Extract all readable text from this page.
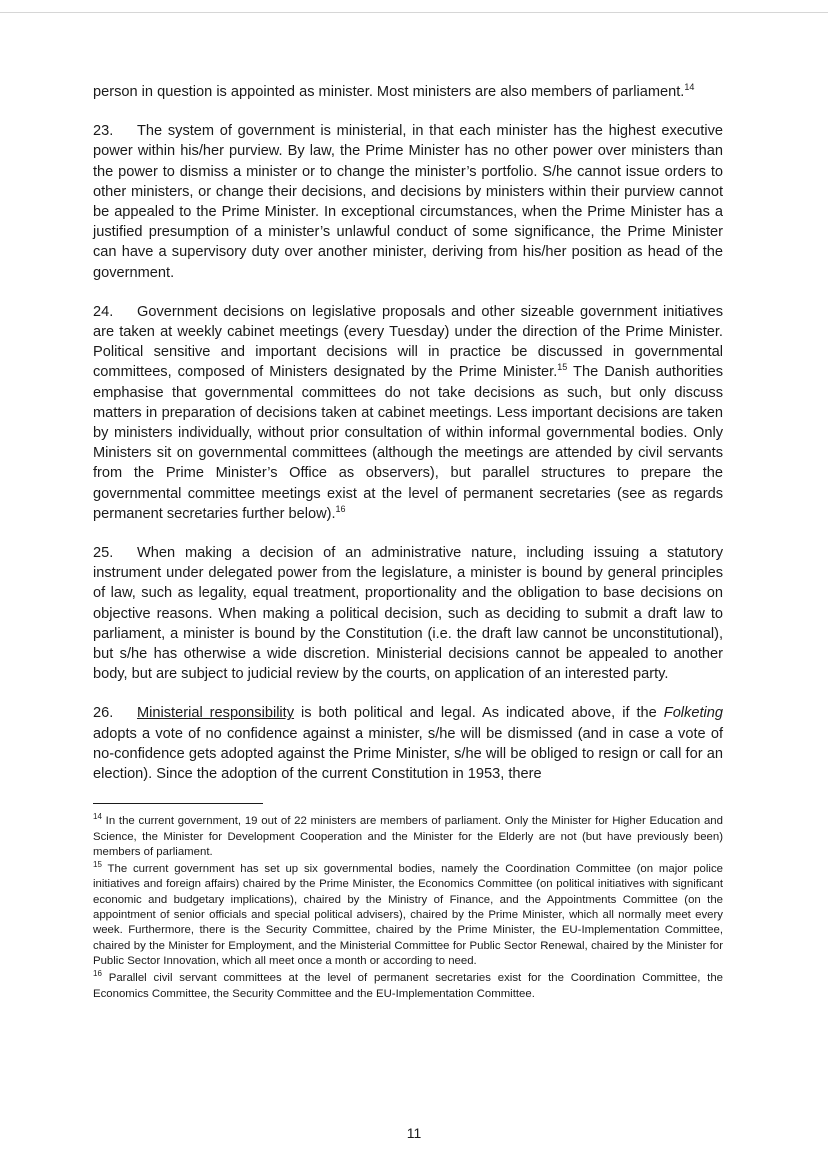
person in question is appointed as minister. Most ministers are also members of parliament.$^{14}$

23. The system of government is ministerial, in that each minister has the highest executive power within his/her purview. By law, the Prime Minister has no other power over ministers than the power to dismiss a minister or to change the minister’s portfolio. S/he cannot issue orders to other ministers, or change their decisions, and decisions by ministers within their purview cannot be appealed to the Prime Minister. In exceptional circumstances, when the Prime Minister has a justified presumption of a minister’s unlawful conduct of some significance, the Prime Minister can have a supervisory duty over another minister, deriving from his/her position as head of the government.

24. Government decisions on legislative proposals and other sizeable government initiatives are taken at weekly cabinet meetings (every Tuesday) under the direction of the Prime Minister. Political sensitive and important decisions will in practice be discussed in governmental committees, composed of Ministers designated by the Prime Minister.$^{15}$ The Danish authorities emphasise that governmental committees do not take decisions as such, but only discuss matters in preparation of decisions taken at cabinet meetings. Less important decisions are taken by ministers individually, without prior consultation of within informal governmental bodies. Only Ministers sit on governmental committees (although the meetings are attended by civil servants from the Prime Minister’s Office as observers), but parallel structures to prepare the governmental committee meetings exist at the level of permanent secretaries (see as regards permanent secretaries further below).$^{16}$

25. When making a decision of an administrative nature, including issuing a statutory instrument under delegated power from the legislature, a minister is bound by general principles of law, such as legality, equal treatment, proportionality and the obligation to base decisions on objective reasons. When making a political decision, such as deciding to submit a draft law to parliament, a minister is bound by the Constitution (i.e. the draft law cannot be unconstitutional), but s/he has otherwise a wide discretion. Ministerial decisions cannot be appealed to another body, but are subject to judicial review by the courts, on application of an interested party.

26. Ministerial responsibility is both political and legal. As indicated above, if the Folketing adopts a vote of no confidence against a minister, s/he will be dismissed (and in case a vote of no-confidence gets adopted against the Prime Minister, s/he will be obliged to resign or call for an election). Since the adoption of the current Constitution in 1953, there

$^{14}$ In the current government, 19 out of 22 ministers are members of parliament. Only the Minister for Higher Education and Science, the Minister for Development Cooperation and the Minister for the Elderly are not (but have previously been) members of parliament.

$^{15}$ The current government has set up six governmental bodies, namely the Coordination Committee (on major police initiatives and foreign affairs) chaired by the Prime Minister, the Economics Committee (on political initiatives with significant economic and budgetary implications), chaired by the Ministry of Finance, and the Appointments Committee (on the appointment of senior officials and special political advisers), chaired by the Prime Minister, which all normally meet every week. Furthermore, there is the Security Committee, chaired by the Prime Minister, the EU-Implementation Committee, chaired by the Minister for Employment, and the Ministerial Committee for Public Sector Renewal, chaired by the Minister for Public Sector Innovation, which all meet once a month or according to need.

$^{16}$ Parallel civil servant committees at the level of permanent secretaries exist for the Coordination Committee, the Economics Committee, the Security Committee and the EU-Implementation Committee.

11
